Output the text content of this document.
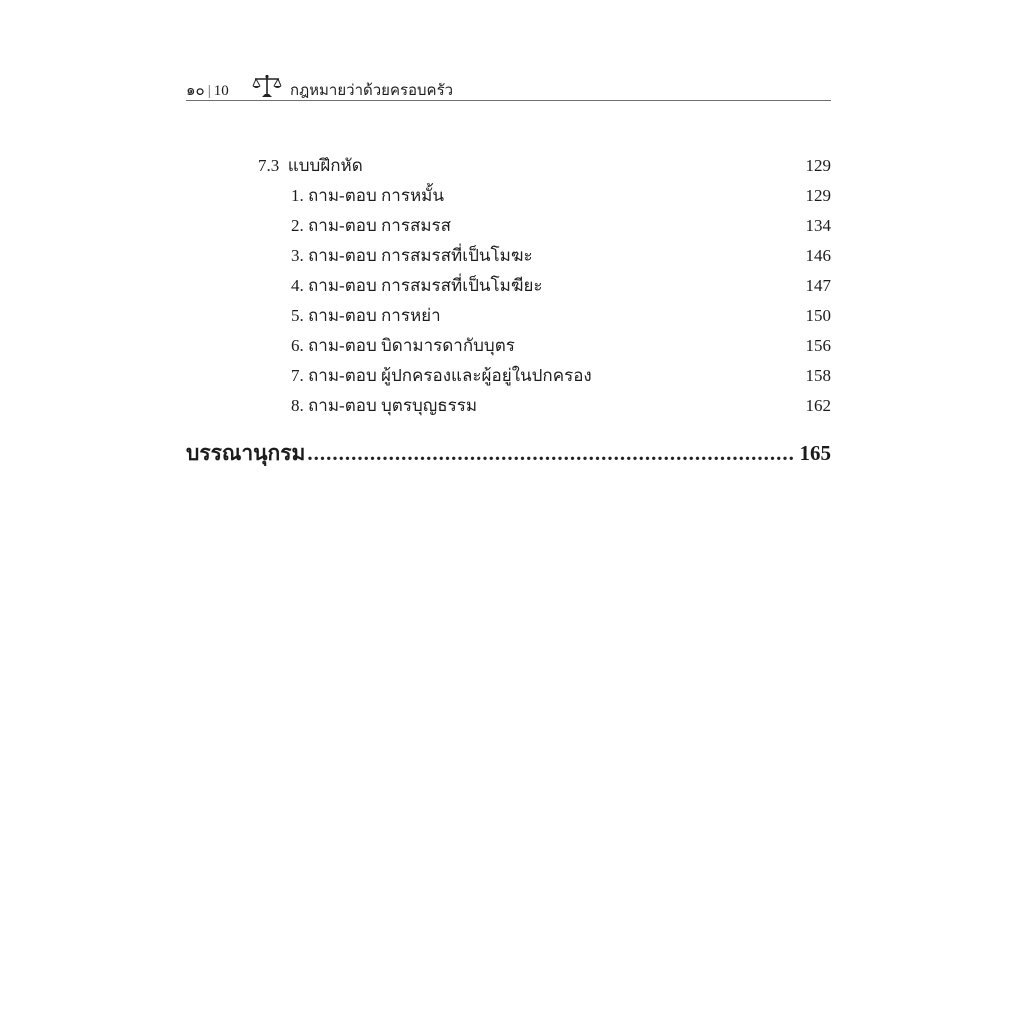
๑๐ | 10	กฎหมายว่าด้วยครอบครัว
7.3  แบบฝึกหัด	129
1. ถาม-ตอบ การหมั้น	129
2. ถาม-ตอบ การสมรส	134
3. ถาม-ตอบ การสมรสที่เป็นโมฆะ	146
4. ถาม-ตอบ การสมรสที่เป็นโมฆียะ	147
5. ถาม-ตอบ การหย่า	150
6. ถาม-ตอบ บิดามารดากับบุตร	156
7. ถาม-ตอบ ผู้ปกครองและผู้อยู่ในปกครอง	158
8. ถาม-ตอบ บุตรบุญธรรม	162
บรรณานุกรม .....	165
